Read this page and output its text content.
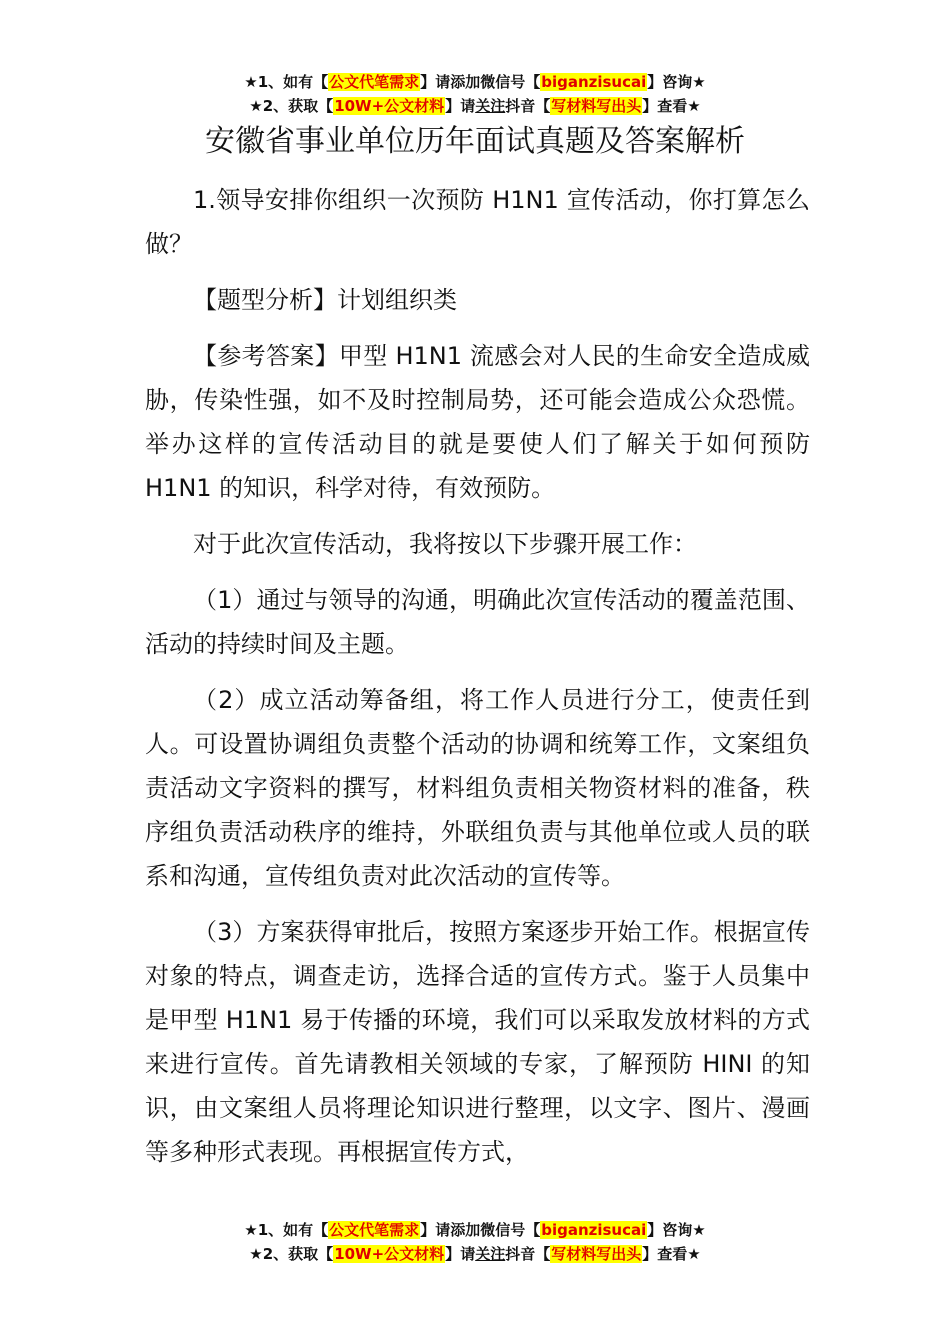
★1、如有【公文代笔需求】请添加微信号【biganzisucai】咨询★
★2、获取【10W+公文材料】请关注抖音【写材料写出头】查看★
安徽省事业单位历年面试真题及答案解析

1.领导安排你组织一次预防 H1N1 宣传活动，你打算怎么做？

【题型分析】计划组织类

【参考答案】甲型 H1N1 流感会对人民的生命安全造成威胁，传染性强，如不及时控制局势，还可能会造成公众恐慌。举办这样的宣传活动目的就是要使人们了解关于如何预防 H1N1 的知识，科学对待，有效预防。

对于此次宣传活动，我将按以下步骤开展工作：

（1）通过与领导的沟通，明确此次宣传活动的覆盖范围、活动的持续时间及主题。

（2）成立活动筹备组，将工作人员进行分工，使责任到人。可设置协调组负责整个活动的协调和统筹工作，文案组负责活动文字资料的撰写，材料组负责相关物资材料的准备，秩序组负责活动秩序的维持，外联组负责与其他单位或人员的联系和沟通，宣传组负责对此次活动的宣传等。

（3）方案获得审批后，按照方案逐步开始工作。根据宣传对象的特点，调查走访，选择合适的宣传方式。鉴于人员集中是甲型 H1N1 易于传播的环境，我们可以采取发放材料的方式来进行宣传。首先请教相关领域的专家，了解预防 HINI 的知识，由文案组人员将理论知识进行整理，以文字、图片、漫画等多种形式表现。再根据宣传方式，

★1、如有【公文代笔需求】请添加微信号【biganzisucai】咨询★
★2、获取【10W+公文材料】请关注抖音【写材料写出头】查看★
